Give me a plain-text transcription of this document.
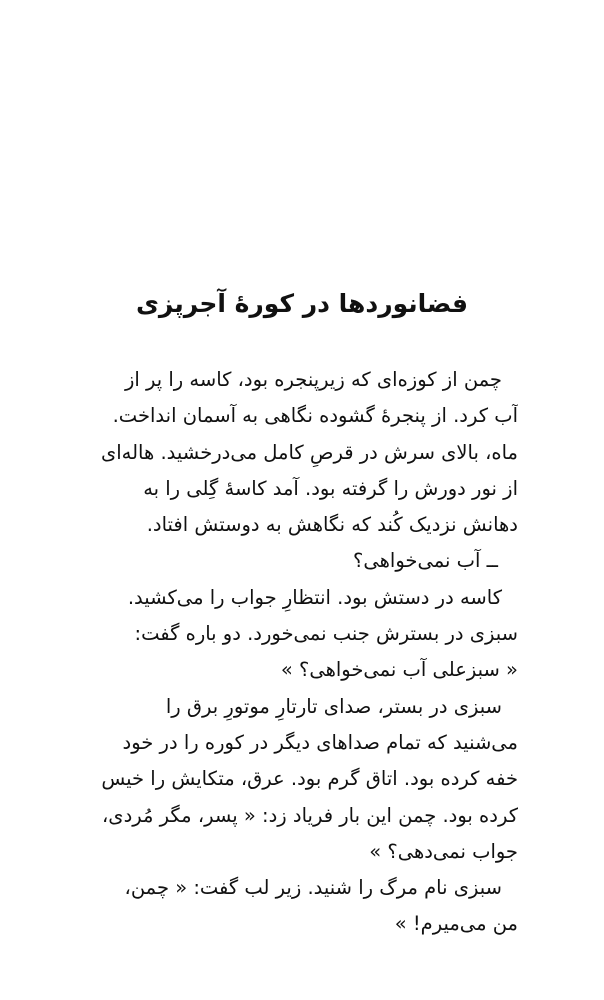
فضانوردها در کورهٔ آجرپزی
چمن از کوزه‌ای که زیرپنجره بود، کاسه را پر از
آب کرد. از پنجرهٔ گشوده نگاهی به آسمان انداخت.
ماه، بالای سرش در قرصِ کامل می‌درخشید. هاله‌ای
از نور دورش را گرفته بود. آمد کاسهٔ گِلی را به
دهانش نزدیک کُند که نگاهش به دوستش افتاد.
ــ آب نمی‌خواهی؟
کاسه در دستش بود. انتظارِ جواب را می‌کشید.
سبزی در بسترش جنب نمی‌خورد. دو باره گفت:
« سبزعلی آب نمی‌خواهی؟ »
سبزی در بستر، صدای تارتارِ موتورِ برق را
می‌شنید که تمام صداهای دیگر در کوره را در خود
خفه کرده بود. اتاق گرم بود. عرق، متکایش را خیس
کرده بود. چمن این بار فریاد زد: « پسر، مگر مُردی،
جواب نمی‌دهی؟ »
سبزی نام مرگ را شنید. زیر لب گفت: « چمن،
من می‌میرم! »
